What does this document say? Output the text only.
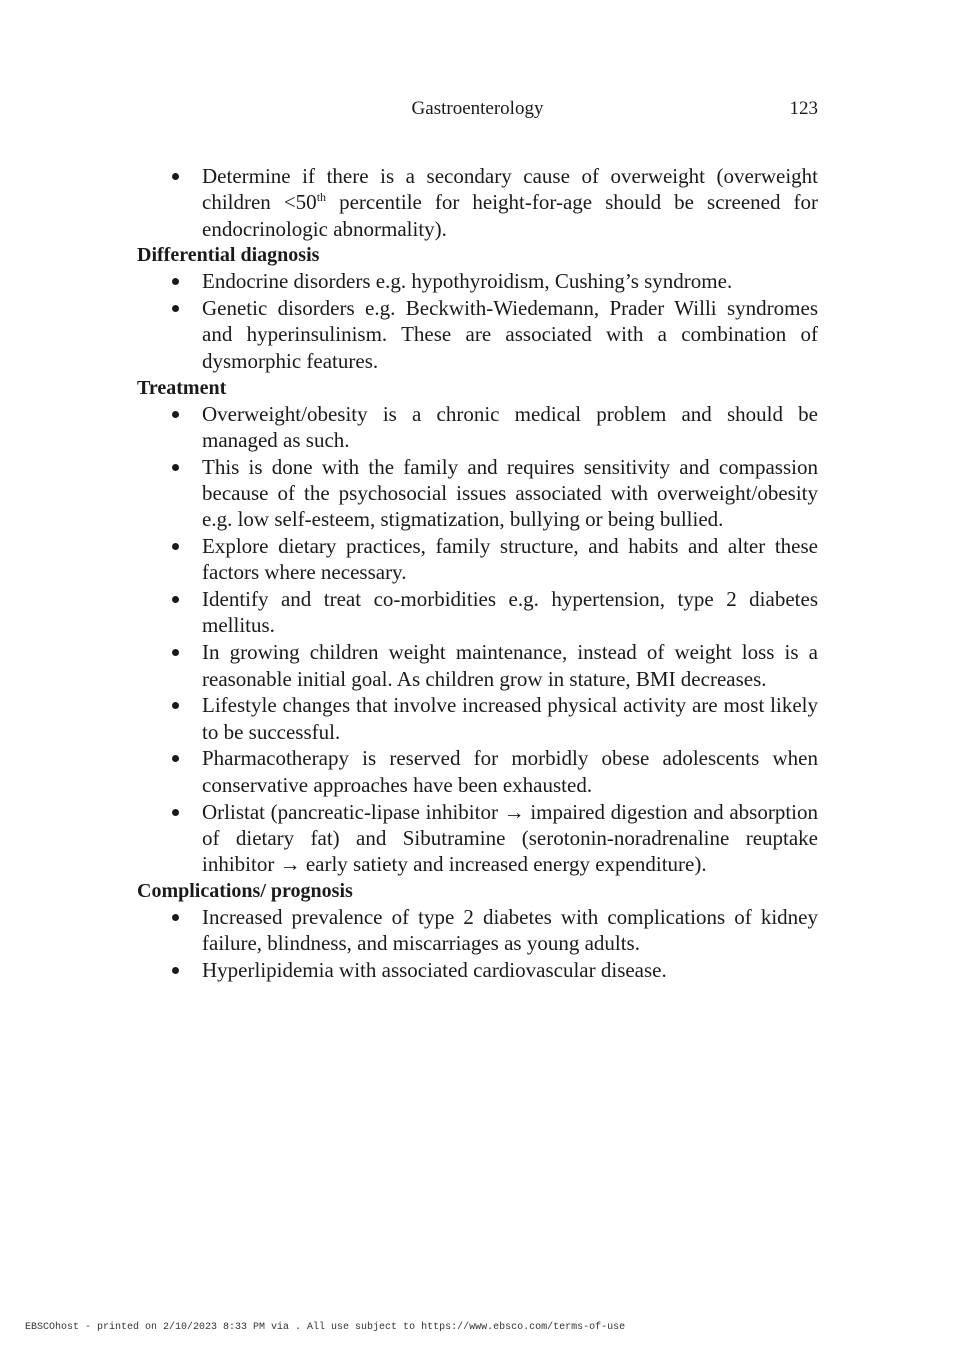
Gastroenterology	123
Determine if there is a secondary cause of overweight (overweight children <50th percentile for height-for-age should be screened for endocrinologic abnormality).
Differential diagnosis
Endocrine disorders e.g. hypothyroidism, Cushing’s syndrome.
Genetic disorders e.g. Beckwith-Wiedemann, Prader Willi syndromes and hyperinsulinism. These are associated with a combination of dysmorphic features.
Treatment
Overweight/obesity is a chronic medical problem and should be managed as such.
This is done with the family and requires sensitivity and compassion because of the psychosocial issues associated with overweight/obesity e.g. low self-esteem, stigmatization, bullying or being bullied.
Explore dietary practices, family structure, and habits and alter these factors where necessary.
Identify and treat co-morbidities e.g. hypertension, type 2 diabetes mellitus.
In growing children weight maintenance, instead of weight loss is a reasonable initial goal. As children grow in stature, BMI decreases.
Lifestyle changes that involve increased physical activity are most likely to be successful.
Pharmacotherapy is reserved for morbidly obese adolescents when conservative approaches have been exhausted.
Orlistat (pancreatic-lipase inhibitor → impaired digestion and absorption of dietary fat) and Sibutramine (serotonin-noradrenaline reuptake inhibitor → early satiety and increased energy expenditure).
Complications/ prognosis
Increased prevalence of type 2 diabetes with complications of kidney failure, blindness, and miscarriages as young adults.
Hyperlipidemia with associated cardiovascular disease.
EBSCOhost - printed on 2/10/2023 8:33 PM via . All use subject to https://www.ebsco.com/terms-of-use
